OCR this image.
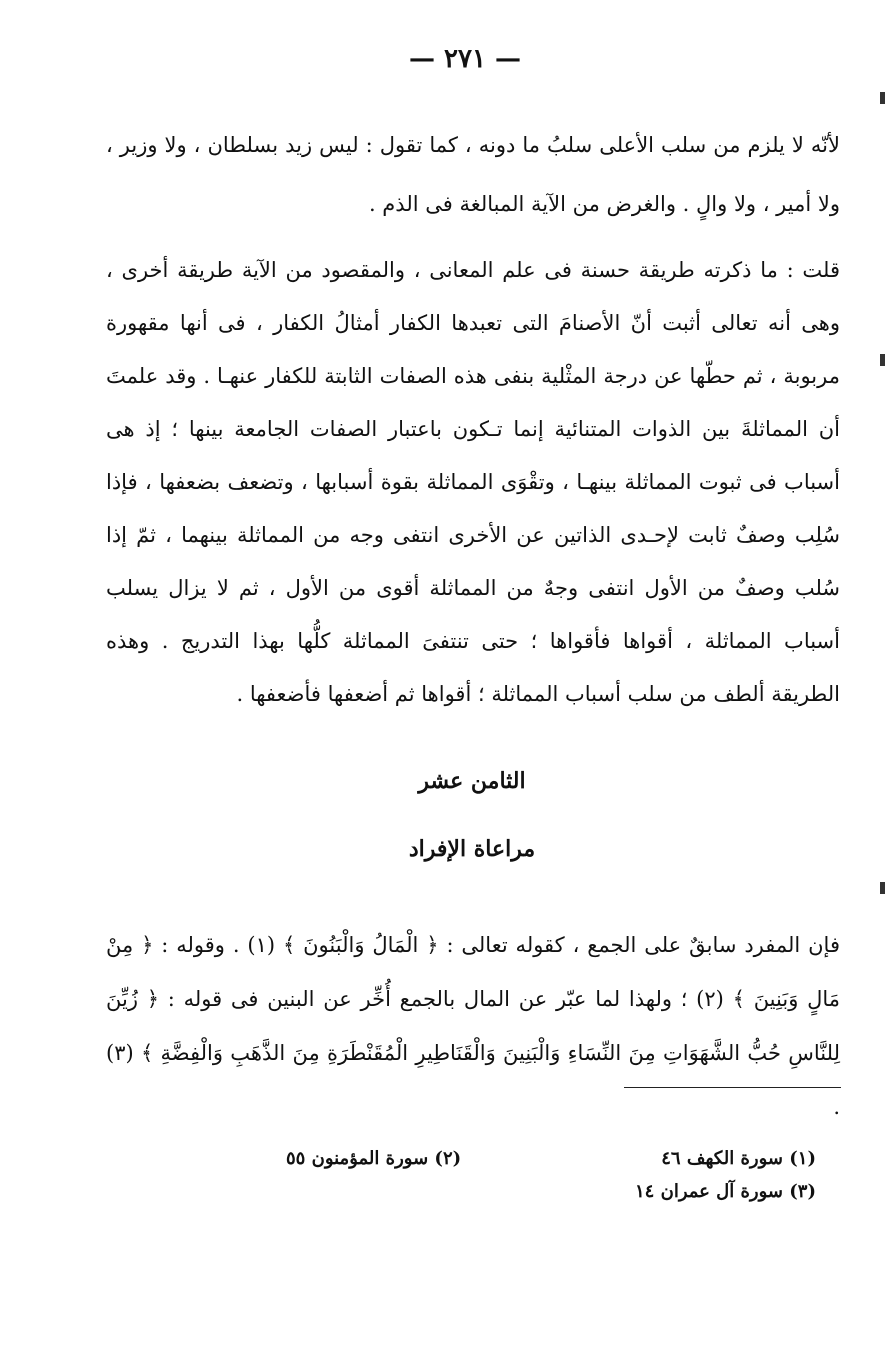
— ٢٧١ —
لأنّه لا يلزم من سلب الأعلى سلبُ ما دونه ، كما تقول : ليس زيد بسلطان ، ولا وزير ، ولا أمير ، ولا والٍ . والغرض من الآية المبالغة فى الذم .
قلت : ما ذكرته طريقة حسنة فى علم المعانى ، والمقصود من الآية طريقة أخرى ، وهى أنه تعالى أثبت أنّ الأصنامَ التى تعبدها الكفار أمثالُ الكفار ، فى أنها مقهورة مربوبة ، ثم حطّها عن درجة المثْلية بنفى هذه الصفات الثابتة للكفار عنهـا . وقد علمتَ أن المماثلةَ بين الذوات المتنائية إنما تـكون باعتبار الصفات الجامعة بينها ؛ إذ هى أسباب فى ثبوت المماثلة بينهـا ، وتقْوَى المماثلة بقوة أسبابها ، وتضعف بضعفها ، فإذا سُلِب وصفٌ ثابت لإحـدى الذاتين عن الأخرى انتفى وجه من المماثلة بينهما ، ثمّ إذا سُلب وصفٌ من الأول انتفى وجهٌ من المماثلة أقوى من الأول ، ثم لا يزال يسلب أسباب المماثلة ، أقواها فأقواها ؛ حتى تنتفىَ المماثلة كلُّها بهذا التدريج . وهذه الطريقة ألطف من سلب أسباب المماثلة ؛ أقواها ثم أضعفها فأضعفها .
الثامن عشر
مراعاة الإفراد
فإن المفرد سابقٌ على الجمع ، كقوله تعالى : ﴿ الْمَالُ وَالْبَنُونَ ﴾ (١) . وقوله : ﴿ مِنْ مَالٍ وَبَنِينَ ﴾ (٢) ؛ ولهذا لما عبّر عن المال بالجمع أُخِّر عن البنين فى قوله : ﴿ زُيِّنَ لِلنَّاسِ حُبُّ الشَّهَوَاتِ مِنَ النِّسَاءِ وَالْبَنِينَ وَالْقَنَاطِيرِ الْمُقَنْطَرَةِ مِنَ الذَّهَبِ وَالْفِضَّةِ ﴾ (٣) .
(١) سورة الكهف ٤٦
(٢) سورة المؤمنون ٥٥
(٣) سورة آل عمران ١٤
